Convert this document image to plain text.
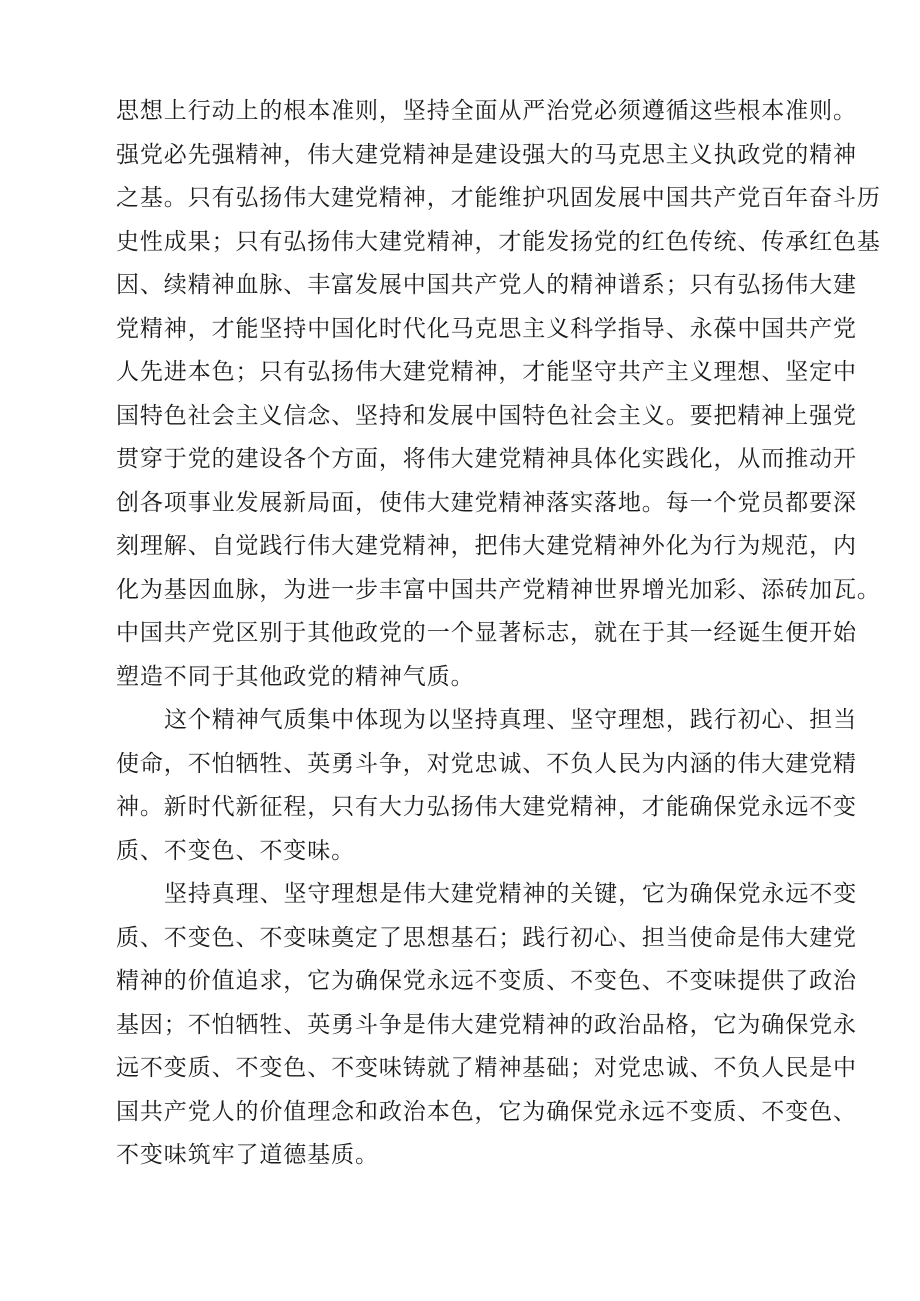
思想上行动上的根本准则，坚持全面从严治党必须遵循这些根本准则。
强党必先强精神，伟大建党精神是建设强大的马克思主义执政党的精神
之基。只有弘扬伟大建党精神，才能维护巩固发展中国共产党百年奋斗历
史性成果；只有弘扬伟大建党精神，才能发扬党的红色传统、传承红色基
因、续精神血脉、丰富发展中国共产党人的精神谱系；只有弘扬伟大建
党精神，才能坚持中国化时代化马克思主义科学指导、永葆中国共产党
人先进本色；只有弘扬伟大建党精神，才能坚守共产主义理想、坚定中
国特色社会主义信念、坚持和发展中国特色社会主义。要把精神上强党
贯穿于党的建设各个方面，将伟大建党精神具体化实践化，从而推动开
创各项事业发展新局面，使伟大建党精神落实落地。每一个党员都要深
刻理解、自觉践行伟大建党精神，把伟大建党精神外化为行为规范，内
化为基因血脉，为进一步丰富中国共产党精神世界增光加彩、添砖加瓦。
中国共产党区别于其他政党的一个显著标志，就在于其一经诞生便开始
塑造不同于其他政党的精神气质。
这个精神气质集中体现为以坚持真理、坚守理想，践行初心、担当
使命，不怕牺牲、英勇斗争，对党忠诚、不负人民为内涵的伟大建党精
神。新时代新征程，只有大力弘扬伟大建党精神，才能确保党永远不变
质、不变色、不变味。
坚持真理、坚守理想是伟大建党精神的关键，它为确保党永远不变
质、不变色、不变味奠定了思想基石；践行初心、担当使命是伟大建党
精神的价值追求，它为确保党永远不变质、不变色、不变味提供了政治
基因；不怕牺牲、英勇斗争是伟大建党精神的政治品格，它为确保党永
远不变质、不变色、不变味铸就了精神基础；对党忠诚、不负人民是中
国共产党人的价值理念和政治本色，它为确保党永远不变质、不变色、
不变味筑牢了道德基质。
